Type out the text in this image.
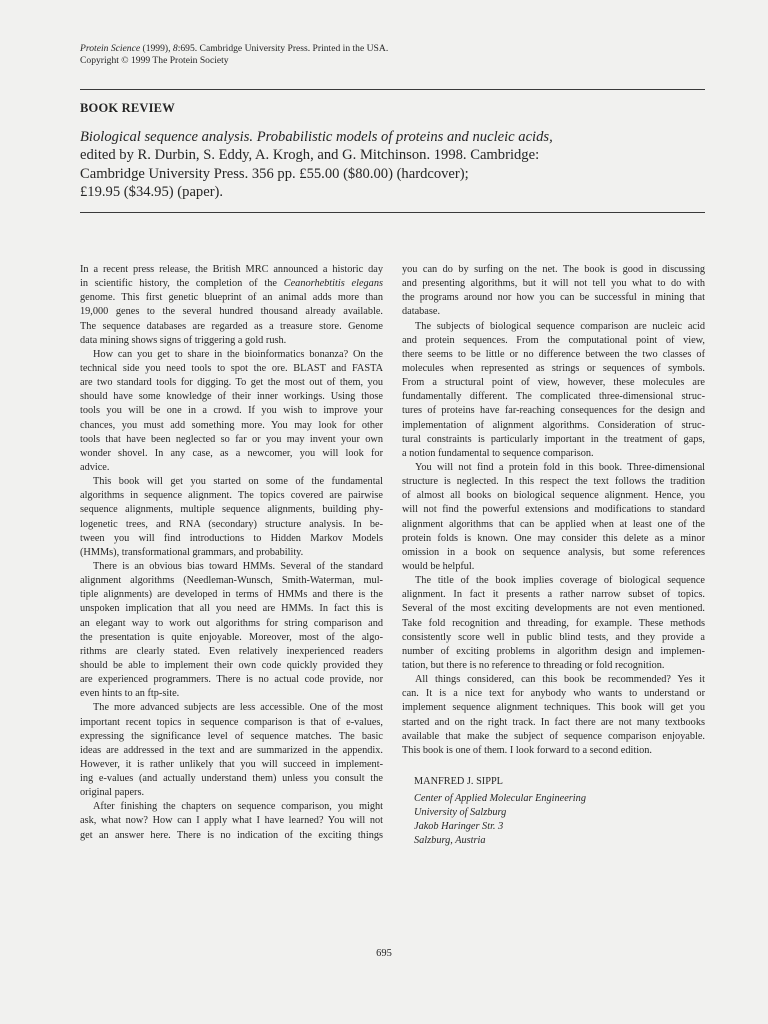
Protein Science (1999), 8:695. Cambridge University Press. Printed in the USA.
Copyright © 1999 The Protein Society
BOOK REVIEW
Biological sequence analysis. Probabilistic models of proteins and nucleic acids,
edited by R. Durbin, S. Eddy, A. Krogh, and G. Mitchinson. 1998. Cambridge:
Cambridge University Press. 356 pp. £55.00 ($80.00) (hardcover);
£19.95 ($34.95) (paper).
In a recent press release, the British MRC announced a historic day
in scientific history, the completion of the Ceanorhebtitis elegans
genome. This first genetic blueprint of an animal adds more than
19,000 genes to the several hundred thousand already available.
The sequence databases are regarded as a treasure store. Genome
data mining shows signs of triggering a gold rush.
How can you get to share in the bioinformatics bonanza? On the
technical side you need tools to spot the ore. BLAST and FASTA
are two standard tools for digging. To get the most out of them, you
should have some knowledge of their inner workings. Using those
tools you will be one in a crowd. If you wish to improve your
chances, you must add something more. You may look for other
tools that have been neglected so far or you may invent your own
wonder shovel. In any case, as a newcomer, you will look for
advice.
This book will get you started on some of the fundamental
algorithms in sequence alignment. The topics covered are pairwise
sequence alignments, multiple sequence alignments, building phy-
logenetic trees, and RNA (secondary) structure analysis. In be-
tween you will find introductions to Hidden Markov Models
(HMMs), transformational grammars, and probability.
There is an obvious bias toward HMMs. Several of the standard
alignment algorithms (Needleman-Wunsch, Smith-Waterman, mul-
tiple alignments) are developed in terms of HMMs and there is the
unspoken implication that all you need are HMMs. In fact this is
an elegant way to work out algorithms for string comparison and
the presentation is quite enjoyable. Moreover, most of the algo-
rithms are clearly stated. Even relatively inexperienced readers
should be able to implement their own code quickly provided they
are experienced programmers. There is no actual code provide, nor
even hints to an ftp-site.
The more advanced subjects are less accessible. One of the most
important recent topics in sequence comparison is that of e-values,
expressing the significance level of sequence matches. The basic
ideas are addressed in the text and are summarized in the appendix.
However, it is rather unlikely that you will succeed in implement-
ing e-values (and actually understand them) unless you consult the
original papers.
After finishing the chapters on sequence comparison, you might
ask, what now? How can I apply what I have learned? You will not
get an answer here. There is no indication of the exciting things
you can do by surfing on the net. The book is good in discussing
and presenting algorithms, but it will not tell you what to do with
the programs around nor how you can be successful in mining that
database.
The subjects of biological sequence comparison are nucleic acid
and protein sequences. From the computational point of view,
there seems to be little or no difference between the two classes of
molecules when represented as strings or sequences of symbols.
From a structural point of view, however, these molecules are
fundamentally different. The complicated three-dimensional struc-
tures of proteins have far-reaching consequences for the design and
implementation of alignment algorithms. Consideration of struc-
tural constraints is particularly important in the treatment of gaps,
a notion fundamental to sequence comparison.
You will not find a protein fold in this book. Three-dimensional
structure is neglected. In this respect the text follows the tradition
of almost all books on biological sequence alignment. Hence, you
will not find the powerful extensions and modifications to standard
alignment algorithms that can be applied when at least one of the
protein folds is known. One may consider this delete as a minor
omission in a book on sequence analysis, but some references
would be helpful.
The title of the book implies coverage of biological sequence
alignment. In fact it presents a rather narrow subset of topics.
Several of the most exciting developments are not even mentioned.
Take fold recognition and threading, for example. These methods
consistently score well in public blind tests, and they provide a
number of exciting problems in algorithm design and implemen-
tation, but there is no reference to threading or fold recognition.
All things considered, can this book be recommended? Yes it
can. It is a nice text for anybody who wants to understand or
implement sequence alignment techniques. This book will get you
started and on the right track. In fact there are not many textbooks
available that make the subject of sequence comparison enjoyable.
This book is one of them. I look forward to a second edition.
MANFRED J. SIPPL
Center of Applied Molecular Engineering
University of Salzburg
Jakob Haringer Str. 3
Salzburg, Austria
695
